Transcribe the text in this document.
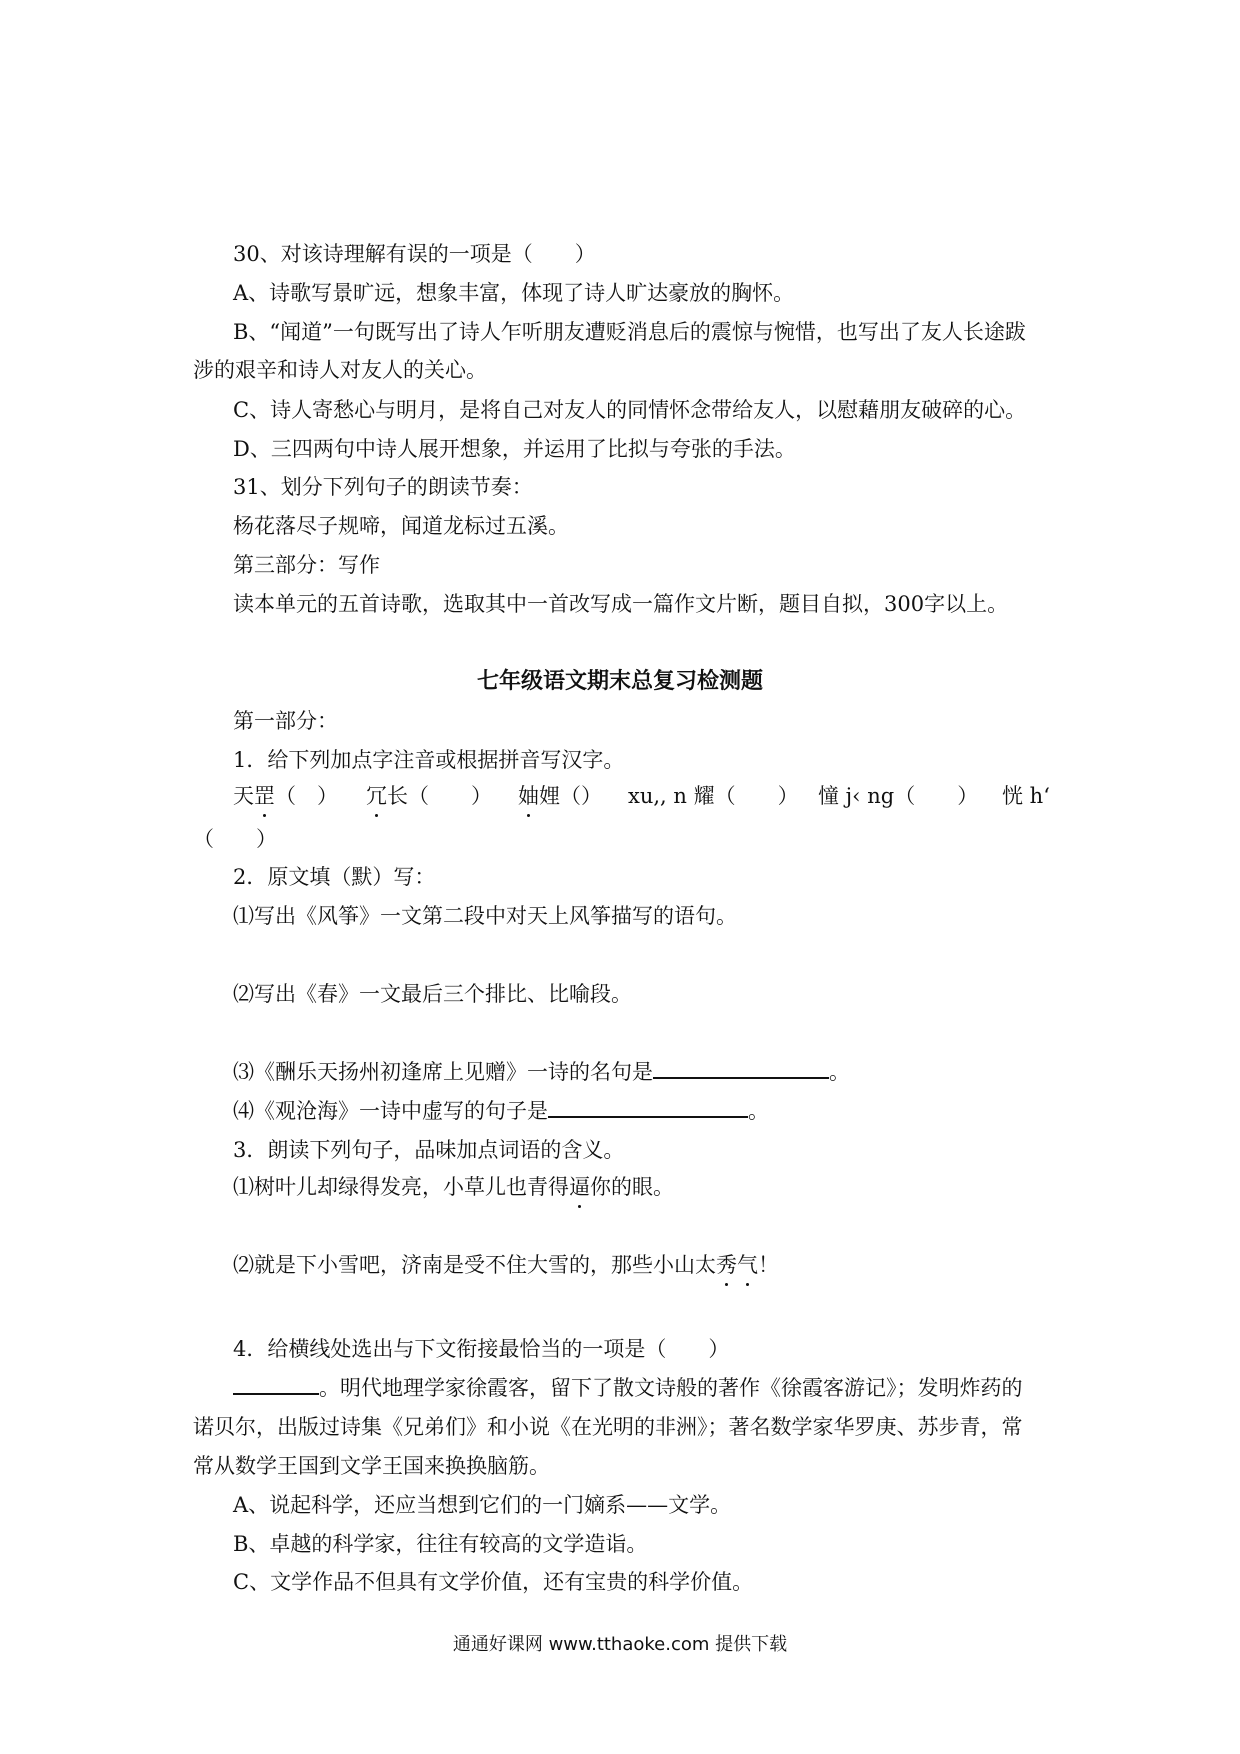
30、对该诗理解有误的一项是（　　）
A、诗歌写景旷远，想象丰富，体现了诗人旷达豪放的胸怀。
B、“闻道”一句既写出了诗人乍听朋友遭贬消息后的震惊与惋惜，也写出了友人长途跋
涉的艰辛和诗人对友人的关心。
C、诗人寄愁心与明月，是将自己对友人的同情怀念带给友人，以慰藉朋友破碎的心。
D、三四两句中诗人展开想象，并运用了比拟与夸张的手法。
31、划分下列句子的朗读节奏：
杨花落尽子规啼，闻道龙标过五溪。
第三部分：写作
读本单元的五首诗歌，选取其中一首改写成一篇作文片断，题目自拟，300字以上。
七年级语文期末总复习检测题
第一部分：
1．给下列加点字注音或根据拼音写汉字。
天罡（　） 冗长（　　） 妯娌（） xu,, n 耀（　　） 憧 j‹ ng（　　） 恍 h‘
（　　）
2．原文填（默）写：
⑴写出《风筝》一文第二段中对天上风筝描写的语句。
⑵写出《春》一文最后三个排比、比喻段。
⑶《酬乐天扬州初逢席上见赠》一诗的名句是	。
⑷《观沧海》一诗中虚写的句子是	。
3．朗读下列句子，品味加点词语的含义。
⑴树叶儿却绿得发亮，小草儿也青得逼你的眼。
⑵就是下小雪吧，济南是受不住大雪的，那些小山太秀气！
4．给横线处选出与下文衔接最恰当的一项是（　　）
。明代地理学家徐霞客，留下了散文诗般的著作《徐霞客游记》；发明炸药的
诺贝尔，出版过诗集《兄弟们》和小说《在光明的非洲》；著名数学家华罗庚、苏步青，常
常从数学王国到文学王国来换换脑筋。
A、说起科学，还应当想到它们的一门嫡系——文学。
B、卓越的科学家，往往有较高的文学造诣。
C、文学作品不但具有文学价值，还有宝贵的科学价值。
通通好课网 www.tthaoke.com 提供下载
